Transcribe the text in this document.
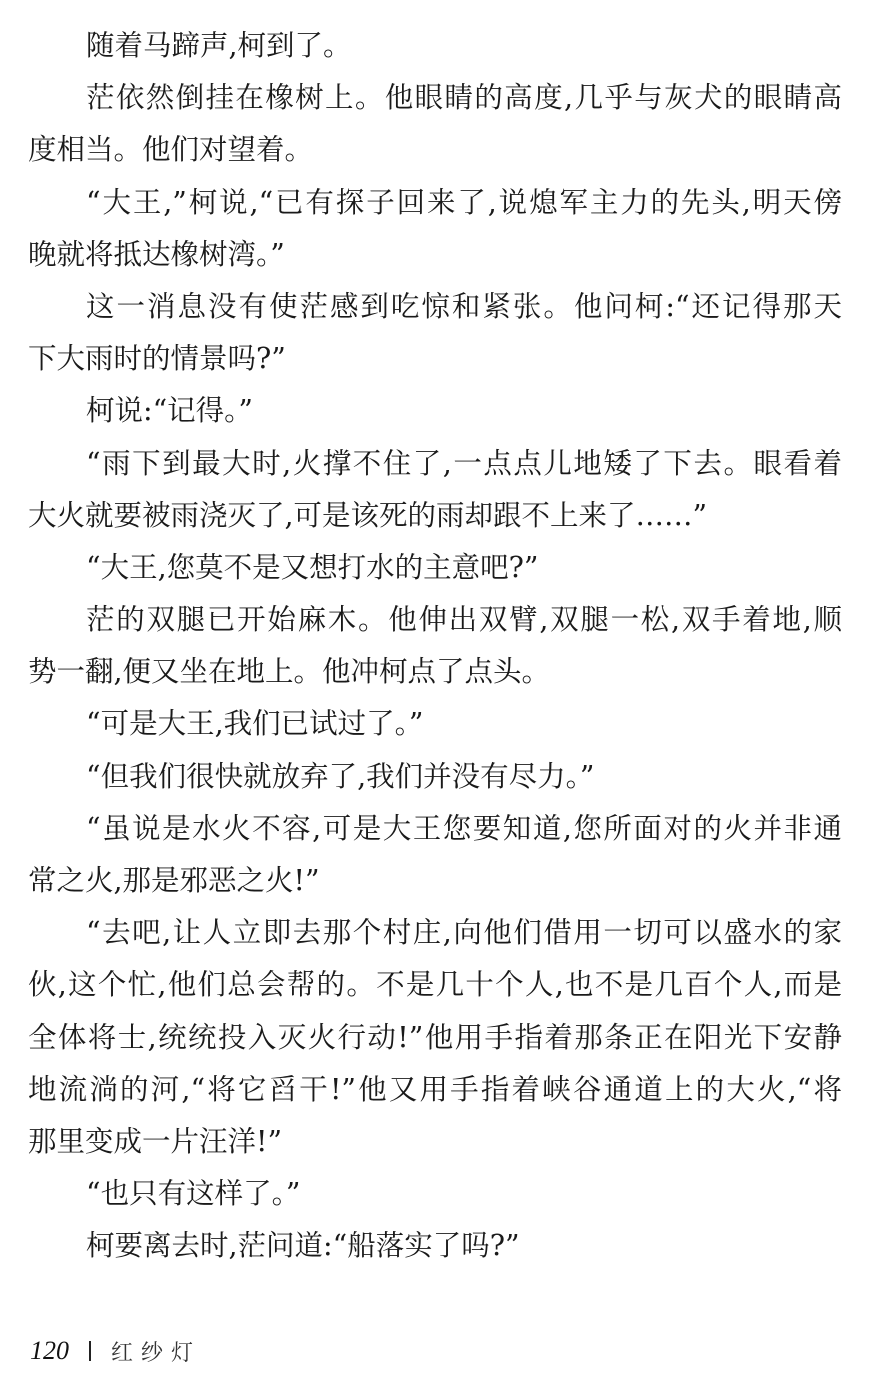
随着马蹄声,柯到了。
茫依然倒挂在橡树上。他眼睛的高度,几乎与灰犬的眼睛高
度相当。他们对望着。
“大王,”柯说,“已有探子回来了,说熄军主力的先头,明天傍
晚就将抵达橡树湾。”
这一消息没有使茫感到吃惊和紧张。他问柯:“还记得那天
下大雨时的情景吗?”
柯说:“记得。”
“雨下到最大时,火撑不住了,一点点儿地矮了下去。眼看着
大火就要被雨浇灭了,可是该死的雨却跟不上来了……”
“大王,您莫不是又想打水的主意吧?”
茫的双腿已开始麻木。他伸出双臂,双腿一松,双手着地,顺
势一翻,便又坐在地上。他冲柯点了点头。
“可是大王,我们已试过了。”
“但我们很快就放弃了,我们并没有尽力。”
“虽说是水火不容,可是大王您要知道,您所面对的火并非通
常之火,那是邪恶之火!”
“去吧,让人立即去那个村庄,向他们借用一切可以盛水的家
伙,这个忙,他们总会帮的。不是几十个人,也不是几百个人,而是
全体将士,统统投入灭火行动!”他用手指着那条正在阳光下安静
地流淌的河,“将它舀干!”他又用手指着峡谷通道上的大火,“将
那里变成一片汪洋!”
“也只有这样了。”
柯要离去时,茫问道:“船落实了吗?”
120 红纱灯
